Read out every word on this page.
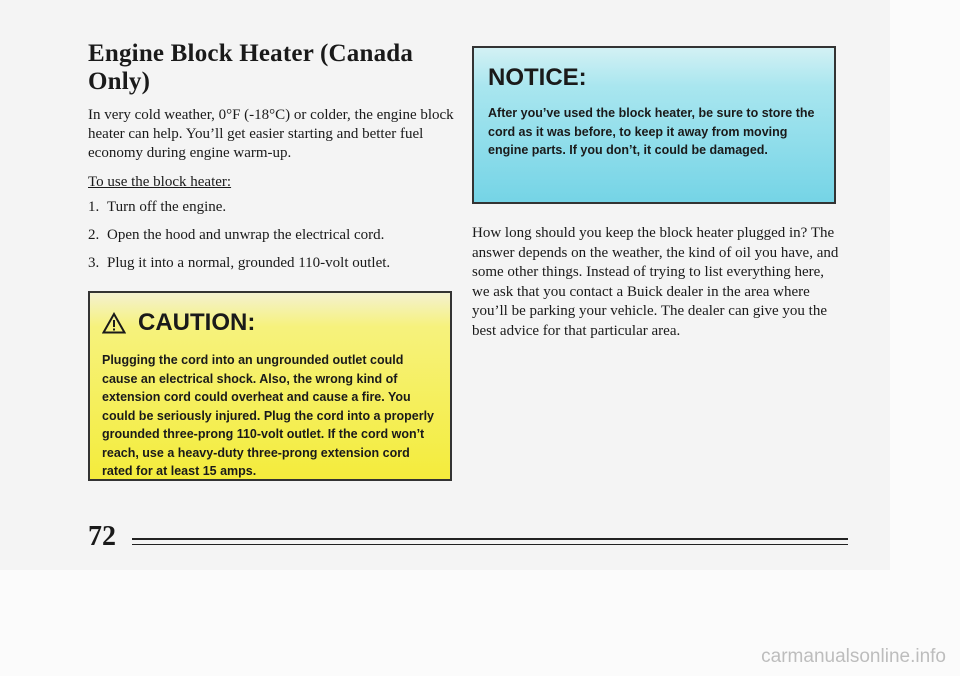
Engine Block Heater (Canada Only)

In very cold weather, 0°F (-18°C) or colder, the engine block heater can help. You’ll get easier starting and better fuel economy during engine warm-up.

To use the block heater:

1. Turn off the engine.
2. Open the hood and unwrap the electrical cord.
3. Plug it into a normal, grounded 110-volt outlet.
CAUTION:

Plugging the cord into an ungrounded outlet could cause an electrical shock. Also, the wrong kind of extension cord could overheat and cause a fire. You could be seriously injured. Plug the cord into a properly grounded three-prong 110-volt outlet. If the cord won’t reach, use a heavy-duty three-prong extension cord rated for at least 15 amps.

NOTICE:

After you’ve used the block heater, be sure to store the cord as it was before, to keep it away from moving engine parts. If you don’t, it could be damaged.

How long should you keep the block heater plugged in? The answer depends on the weather, the kind of oil you have, and some other things. Instead of trying to list everything here, we ask that you contact a Buick dealer in the area where you’ll be parking your vehicle. The dealer can give you the best advice for that particular area.

72
carmanualsonline.info
